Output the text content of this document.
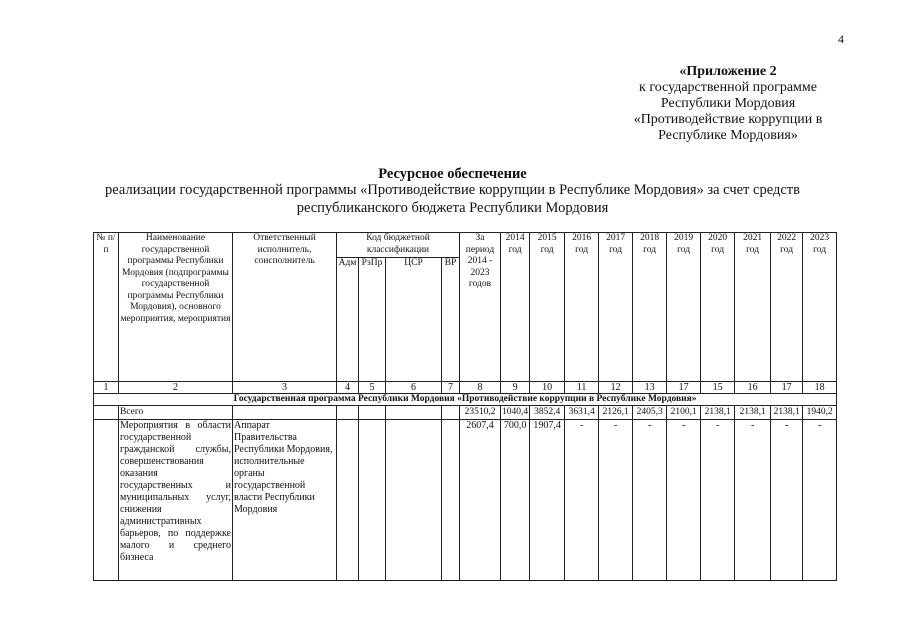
4
«Приложение 2
к государственной программе
Республики Мордовия
«Противодействие коррупции в
Республике Мордовия»
Ресурсное обеспечение
реализации государственной программы «Противодействие коррупции в Республике Мордовия» за счет средств
республиканского бюджета Республики Мордовия
№ п/п	Наименование государственной программы Республики Мордовия (подпрограммы государственной программы Республики Мордовия), основного мероприятия, мероприятия	Ответственный исполнитель, соисполнитель	Код бюджетной классификации				За период 2014 - 2023 годов	2014 год	2015 год	2016 год	2017 год	2018 год	2019 год	2020 год	2021 год	2022 год	2023 год
			Адм	РзПр	ЦСР	ВР											
1	2	3	4	5	6	7	8	9	10	11	12	13	17	15	16	17	18
Государственная программа Республики Мордовия «Противодействие коррупции в Республике Мордовия»																	
	Всего						23510,2	1040,4	3852,4	3631,4	2126,1	2405,3	2100,1	2138,1	2138,1	2138,1	1940,2
	Мероприятия в области государственной гражданской службы, совершенствования оказания государственных и муниципальных услуг, снижения административных барьеров, по поддержке малого и среднего бизнеса	Аппарат Правительства Республики Мордовия, исполнительные органы государственной власти Республики Мордовия					2607,4	700,0	1907,4	-	-	-	-	-	-	-	-
